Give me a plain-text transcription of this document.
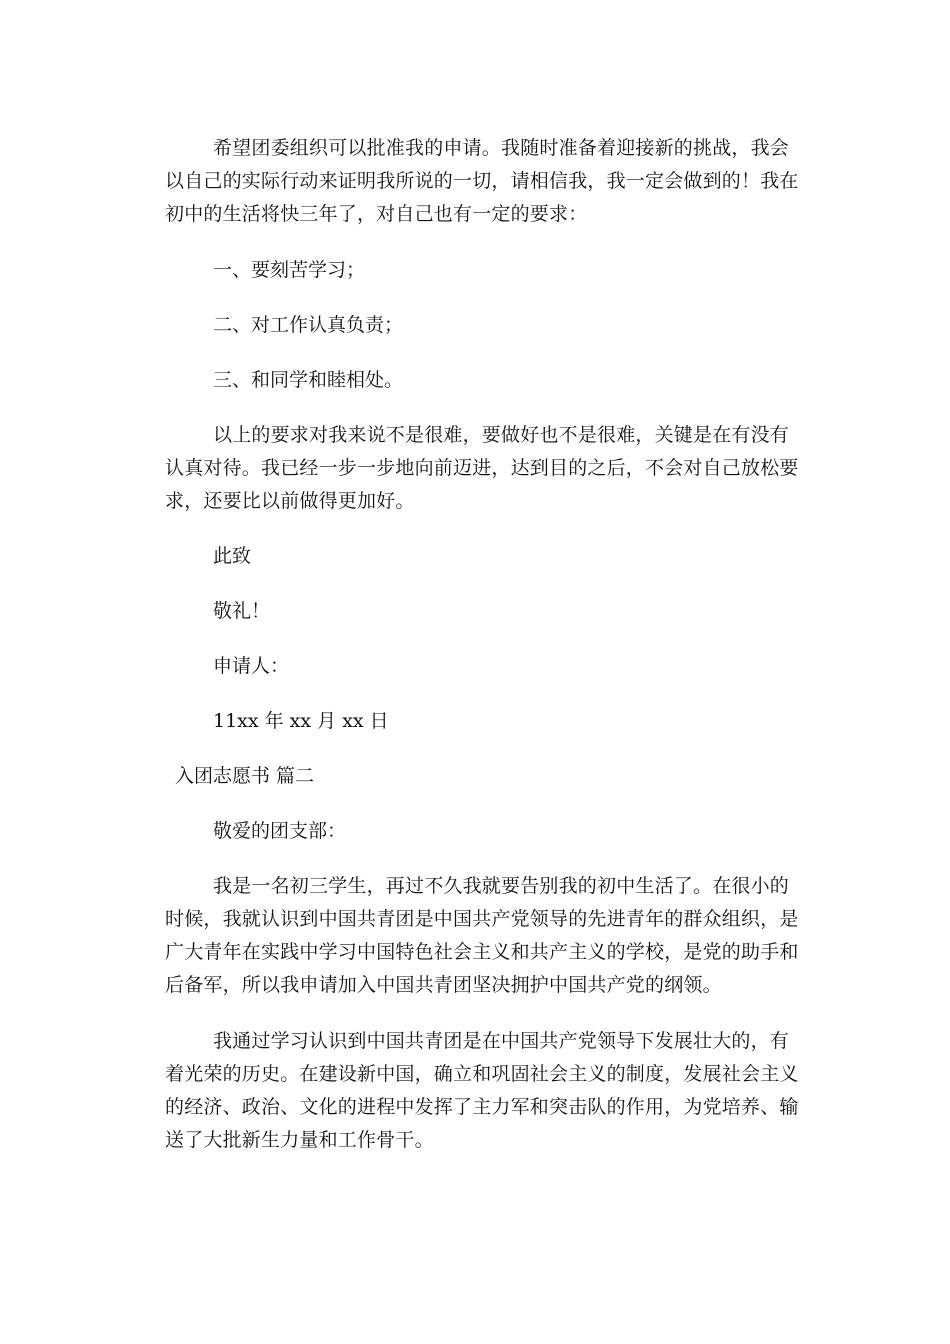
希望团委组织可以批准我的申请。我随时准备着迎接新的挑战，我会以自己的实际行动来证明我所说的一切，请相信我，我一定会做到的！我在初中的生活将快三年了，对自己也有一定的要求：

一、要刻苦学习；

二、对工作认真负责；

三、和同学和睦相处。

以上的要求对我来说不是很难，要做好也不是很难，关键是在有没有认真对待。我已经一步一步地向前迈进，达到目的之后，不会对自己放松要求，还要比以前做得更加好。

此致

敬礼！

申请人：

11xx 年 xx 月 xx 日

入团志愿书 篇二

敬爱的团支部：

我是一名初三学生，再过不久我就要告别我的初中生活了。在很小的时候，我就认识到中国共青团是中国共产党领导的先进青年的群众组织，是广大青年在实践中学习中国特色社会主义和共产主义的学校，是党的助手和后备军，所以我申请加入中国共青团坚决拥护中国共产党的纲领。

我通过学习认识到中国共青团是在中国共产党领导下发展壮大的，有着光荣的历史。在建设新中国，确立和巩固社会主义的制度，发展社会主义的经济、政治、文化的进程中发挥了主力军和突击队的作用，为党培养、输送了大批新生力量和工作骨干。
